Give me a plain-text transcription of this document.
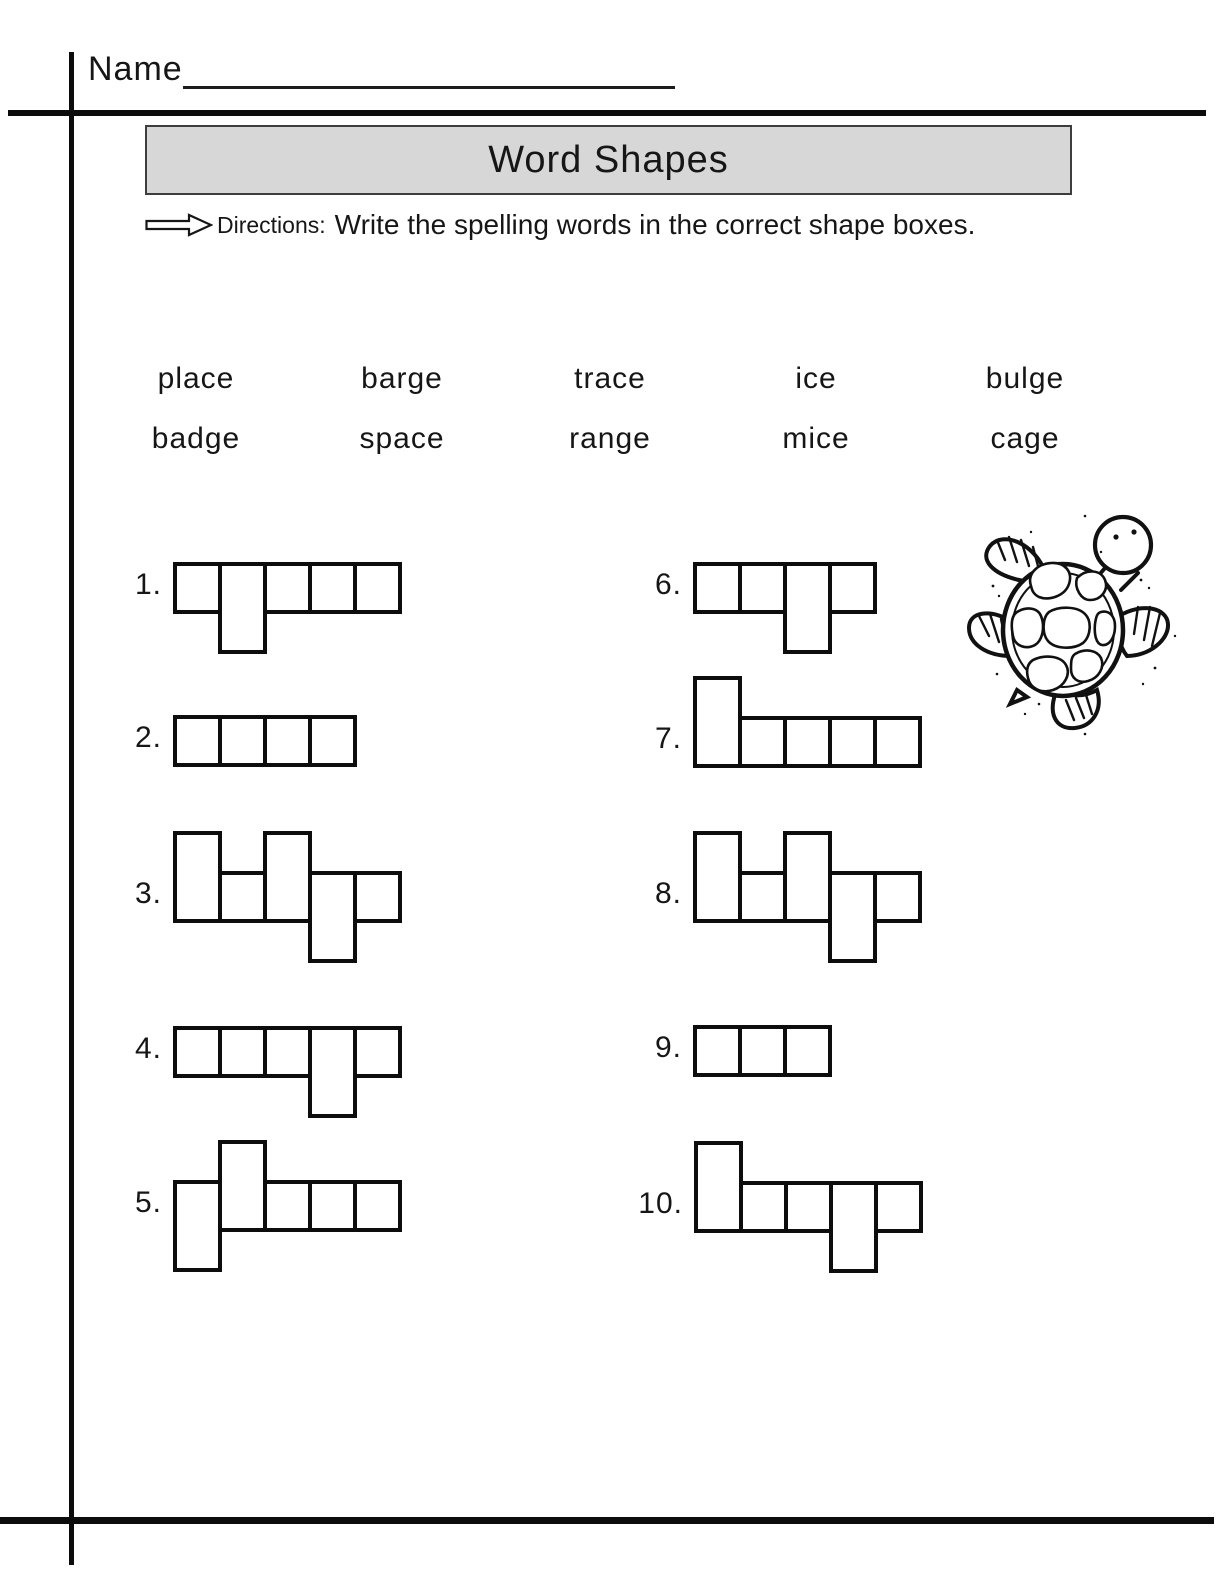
Name
Word Shapes
Directions: Write the spelling words in the correct shape boxes.
place	barge	trace	ice	bulge
badge	space	range	mice	cage
1.
2.
3.
4.
5.
6.
7.
8.
9.
10.
